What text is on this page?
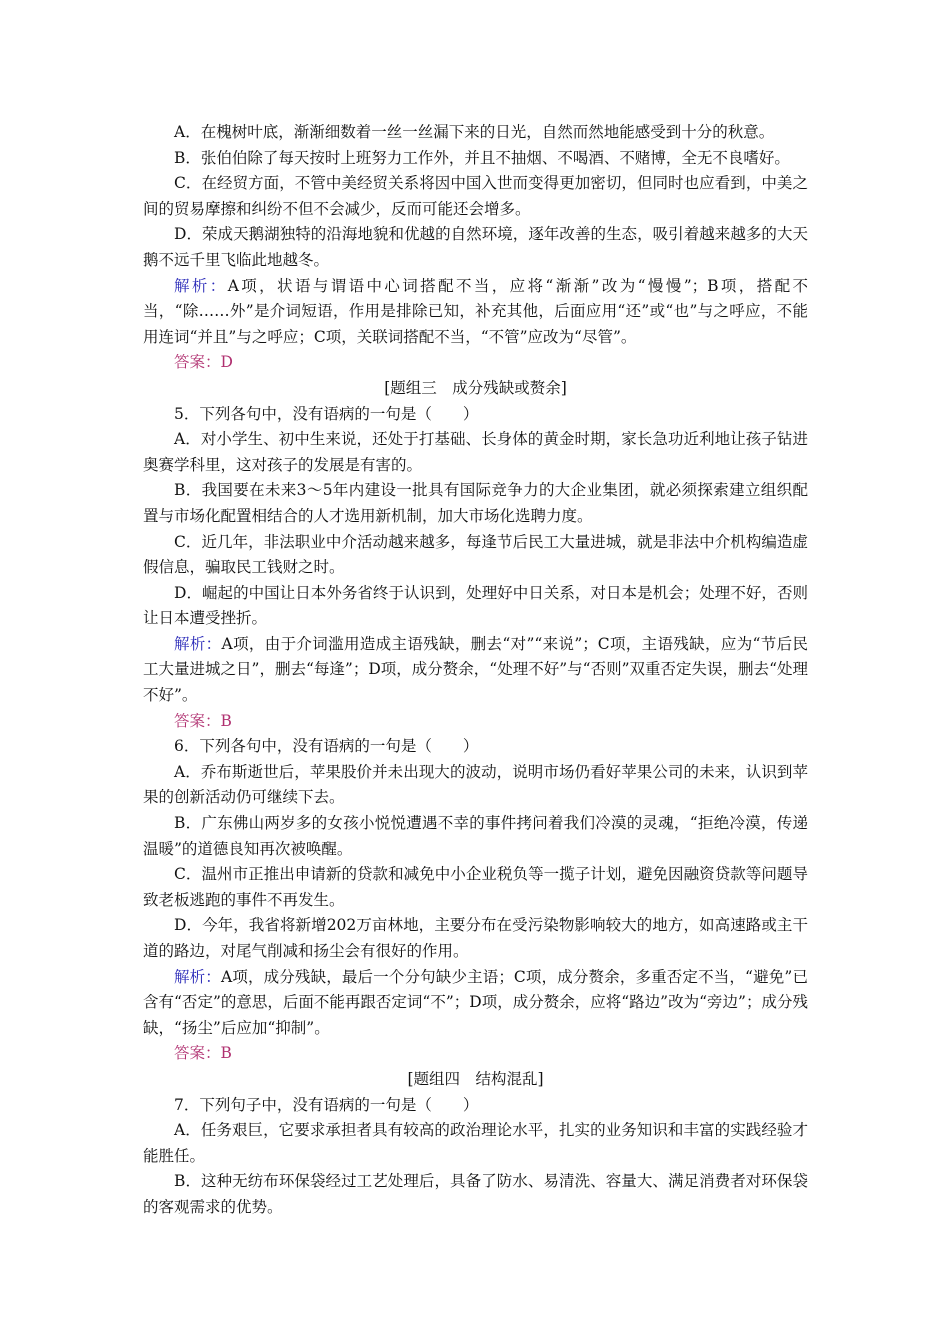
A．在槐树叶底，渐渐细数着一丝一丝漏下来的日光，自然而然地能感受到十分的秋意。

B．张伯伯除了每天按时上班努力工作外，并且不抽烟、不喝酒、不赌博，全无不良嗜好。

C．在经贸方面，不管中美经贸关系将因中国入世而变得更加密切，但同时也应看到，中美之间的贸易摩擦和纠纷不但不会减少，反而可能还会增多。

D．荣成天鹅湖独特的沿海地貌和优越的自然环境，逐年改善的生态，吸引着越来越多的大天鹅不远千里飞临此地越冬。

解析：A项，状语与谓语中心词搭配不当，应将“渐渐”改为“慢慢”；B项，搭配不当，“除……外”是介词短语，作用是排除已知，补充其他，后面应用“还”或“也”与之呼应，不能用连词“并且”与之呼应；C项，关联词搭配不当，“不管”应改为“尽管”。

答案：D

[题组三　成分残缺或赘余]

5．下列各句中，没有语病的一句是（　　）

A．对小学生、初中生来说，还处于打基础、长身体的黄金时期，家长急功近利地让孩子钻进奥赛学科里，这对孩子的发展是有害的。

B．我国要在未来3～5年内建设一批具有国际竞争力的大企业集团，就必须探索建立组织配置与市场化配置相结合的人才选用新机制，加大市场化选聘力度。

C．近几年，非法职业中介活动越来越多，每逢节后民工大量进城，就是非法中介机构编造虚假信息，骗取民工钱财之时。

D．崛起的中国让日本外务省终于认识到，处理好中日关系，对日本是机会；处理不好，否则让日本遭受挫折。

解析：A项，由于介词滥用造成主语残缺，删去“对”“来说”；C项，主语残缺，应为“节后民工大量进城之日”，删去“每逢”；D项，成分赘余，“处理不好”与“否则”双重否定失误，删去“处理不好”。

答案：B

6．下列各句中，没有语病的一句是（　　）

A．乔布斯逝世后，苹果股价并未出现大的波动，说明市场仍看好苹果公司的未来，认识到苹果的创新活动仍可继续下去。

B．广东佛山两岁多的女孩小悦悦遭遇不幸的事件拷问着我们冷漠的灵魂，“拒绝冷漠，传递温暖”的道德良知再次被唤醒。

C．温州市正推出申请新的贷款和减免中小企业税负等一揽子计划，避免因融资贷款等问题导致老板逃跑的事件不再发生。

D．今年，我省将新增202万亩林地，主要分布在受污染物影响较大的地方，如高速路或主干道的路边，对尾气削减和扬尘会有很好的作用。

解析：A项，成分残缺，最后一个分句缺少主语；C项，成分赘余，多重否定不当，“避免”已含有“否定”的意思，后面不能再跟否定词“不”；D项，成分赘余，应将“路边”改为“旁边”；成分残缺，“扬尘”后应加“抑制”。

答案：B

[题组四　结构混乱]

7．下列句子中，没有语病的一句是（　　）

A．任务艰巨，它要求承担者具有较高的政治理论水平，扎实的业务知识和丰富的实践经验才能胜任。

B．这种无纺布环保袋经过工艺处理后，具备了防水、易清洗、容量大、满足消费者对环保袋的客观需求的优势。
